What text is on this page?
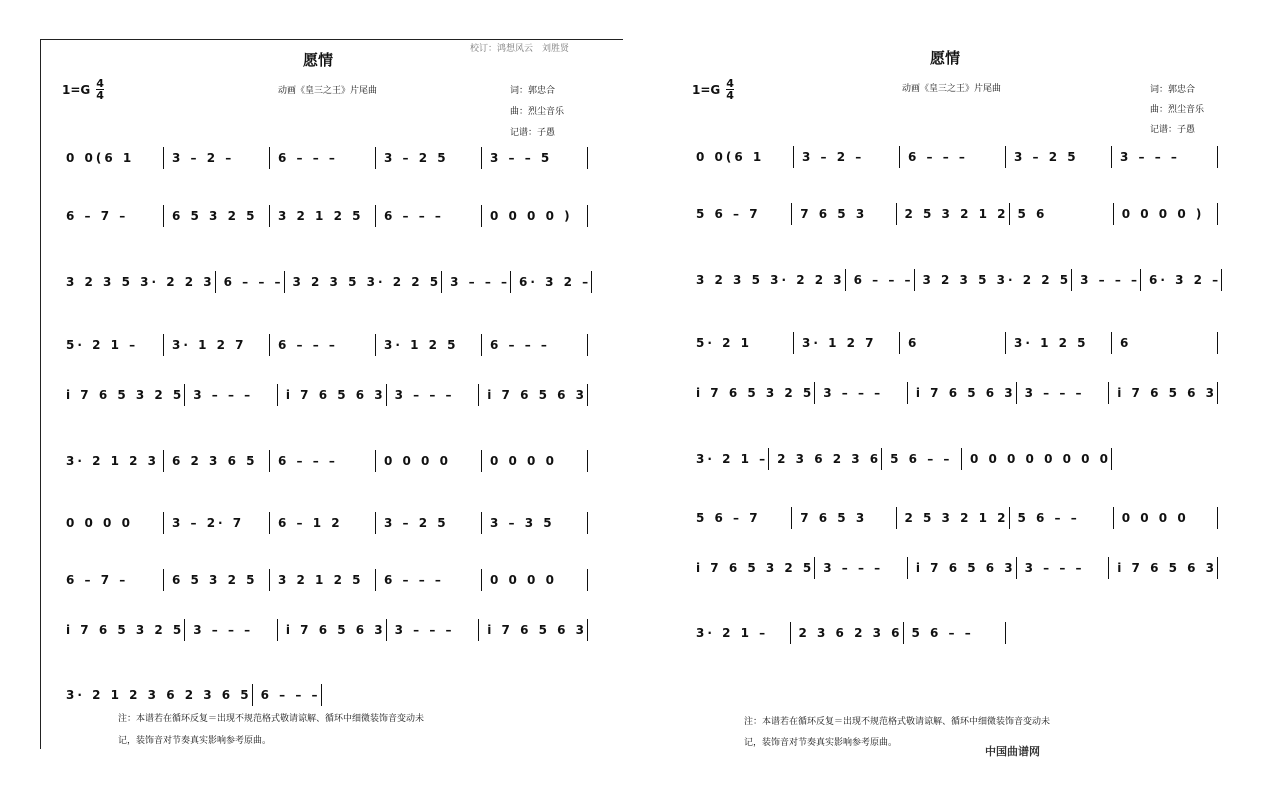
校订：鸿想风云　刘胜贤
愿情
$1=G \frac{4}{4}$	动画《皇三之王》片尾曲	词：郭忠合
曲：烈尘音乐
记谱：子愚
0 0(6 1	3 – 2 –	6 – – –	3 – 2 5	3 – – 5
6 – 7 –	6 5 3 2 5	3 2 1 2 5	6 – – –	0 0 0 0 )
3 2 3 5 3· 2 2 3 6 – – – 3 2 3 5 3· 2 2 5 3 – – – 6· 3 2 –
5· 2 1 –	3· 1 2 7	6 – – –	3· 1 2 5	6 – – –
i 7 6 5 3 2 5 3 – – –	i 7 6 5 6 3 3 – – –	i 7 6 5 6 3
3· 2 1 2 3	6 2 3 6 5	6 – – –	0 0 0 0	0 0 0 0
0 0 0 0	3 – 2· 7	6 – 1 2	3 – 2 5	3 – 3 5
6 – 7 –	6 5 3 2 5	3 2 1 2 5	6 – – –	0 0 0 0
i 7 6 5 3 2 5 3 – – –	i 7 6 5 6 3 3 – – –	i 7 6 5 6 3
3· 2 1 2 3 6 2 3 6 5 6 – – –
注：本谱若在循环反复＝出现不规范格式敬请谅解、循环中细微装饰音变动未
记，装饰音对节奏真实影响参考原曲。
愿情
$1=G \frac{4}{4}$	动画《皇三之王》片尾曲	词：郭忠合
曲：烈尘音乐
记谱：子愚
0 0(6 1	3 – 2 –	6 – – –	3 – 2 5	3 – – –
5 6 – 7	7 6 5 3	2 5 3 2 1 2 5 6	0 0 0 0 )
3 2 3 5 3· 2 2 3 6 – – – 3 2 3 5 3· 2 2 5 3 – – – 6· 3 2 –
5· 2 1	3· 1 2 7	6	3· 1 2 5	6
i 7 6 5 3 2 5 3 – – –	i 7 6 5 6 3 3 – – –	i 7 6 5 6 3
3· 2 1 – 2 3 6 2 3 6 5 6 – –	0 0 0 0 0 0 0 0
5 6 – 7	7 6 5 3	2 5 3 2 1 2 5 6 – –	0 0 0 0
i 7 6 5 3 2 5 3 – – –	i 7 6 5 6 3 3 – – –	i 7 6 5 6 3
3· 2 1 –	2 3 6 2 3 6 5 6 – –
注：本谱若在循环反复＝出现不规范格式敬请谅解、循环中细微装饰音变动未
记，装饰音对节奏真实影响参考原曲。
中国曲谱网
